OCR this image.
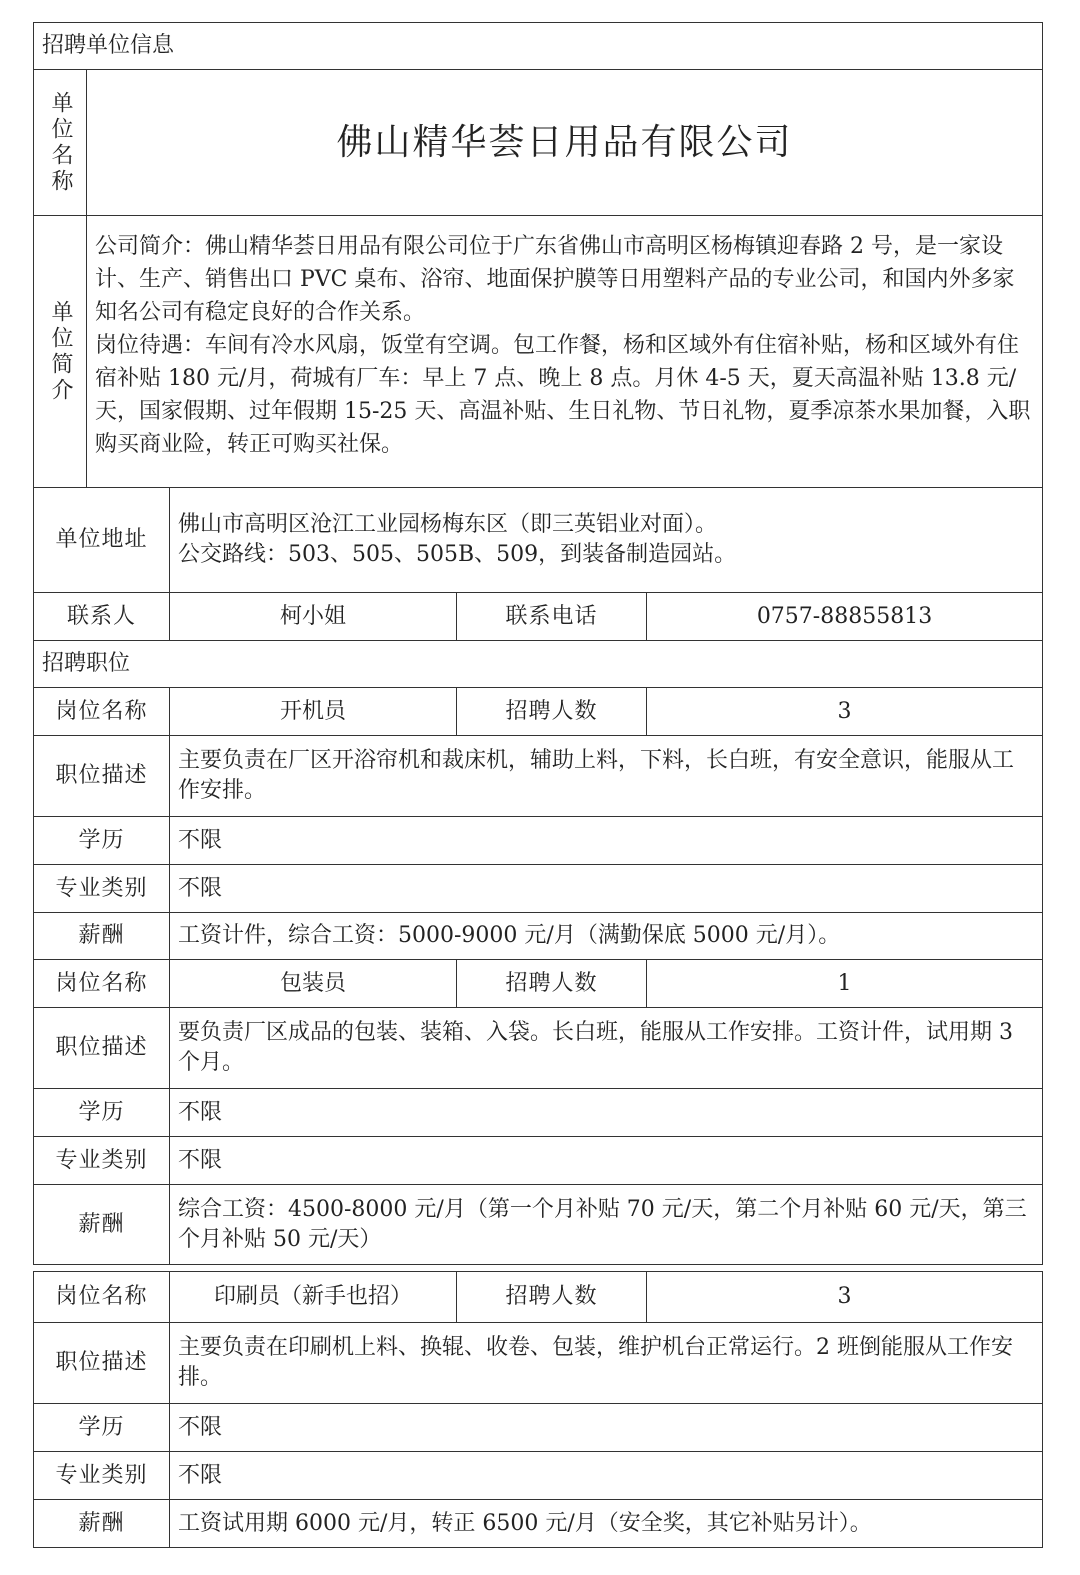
招聘单位信息				
单位名称	佛山精华荟日用品有限公司			
单位简介	公司简介：佛山精华荟日用品有限公司位于广东省佛山市高明区杨梅镇迎春路 2 号，是一家设计、生产、销售出口 PVC 桌布、浴帘、地面保护膜等日用塑料产品的专业公司，和国内外多家知名公司有稳定良好的合作关系。
岗位待遇：车间有冷水风扇，饭堂有空调。包工作餐，杨和区域外有住宿补贴，杨和区域外有住宿补贴 180 元/月，荷城有厂车：早上 7 点、晚上 8 点。月休 4-5 天，夏天高温补贴 13.8 元/天，国家假期、过年假期 15-25 天、高温补贴、生日礼物、节日礼物，夏季凉茶水果加餐，入职购买商业险，转正可购买社保。			

单位地址		佛山市高明区沧江工业园杨梅东区（即三英铝业对面）。
公交路线：503、505、505B、509，到装备制造园站。		

联系人		柯小姐	联系电话	0757-88855813
招聘职位				
岗位名称		开机员	招聘人数	3
职位描述		主要负责在厂区开浴帘机和裁床机，辅助上料，下料，长白班，有安全意识，能服从工作安排。		
学历		不限		
专业类别		不限		
薪酬		工资计件，综合工资：5000-9000 元/月（满勤保底 5000 元/月）。		
岗位名称		包装员	招聘人数	1
职位描述		要负责厂区成品的包装、装箱、入袋。长白班，能服从工作安排。工资计件，试用期 3 个月。		
学历		不限		
专业类别		不限		
薪酬		综合工资：4500-8000 元/月（第一个月补贴 70 元/天，第二个月补贴 60 元/天，第三个月补贴 50 元/天）		
岗位名称	印刷员（新手也招）	招聘人数	3
职位描述	主要负责在印刷机上料、换辊、收卷、包装，维护机台正常运行。2 班倒能服从工作安排。		
学历	不限		
专业类别	不限		
薪酬	工资试用期 6000 元/月，转正 6500 元/月（安全奖，其它补贴另计）。		
